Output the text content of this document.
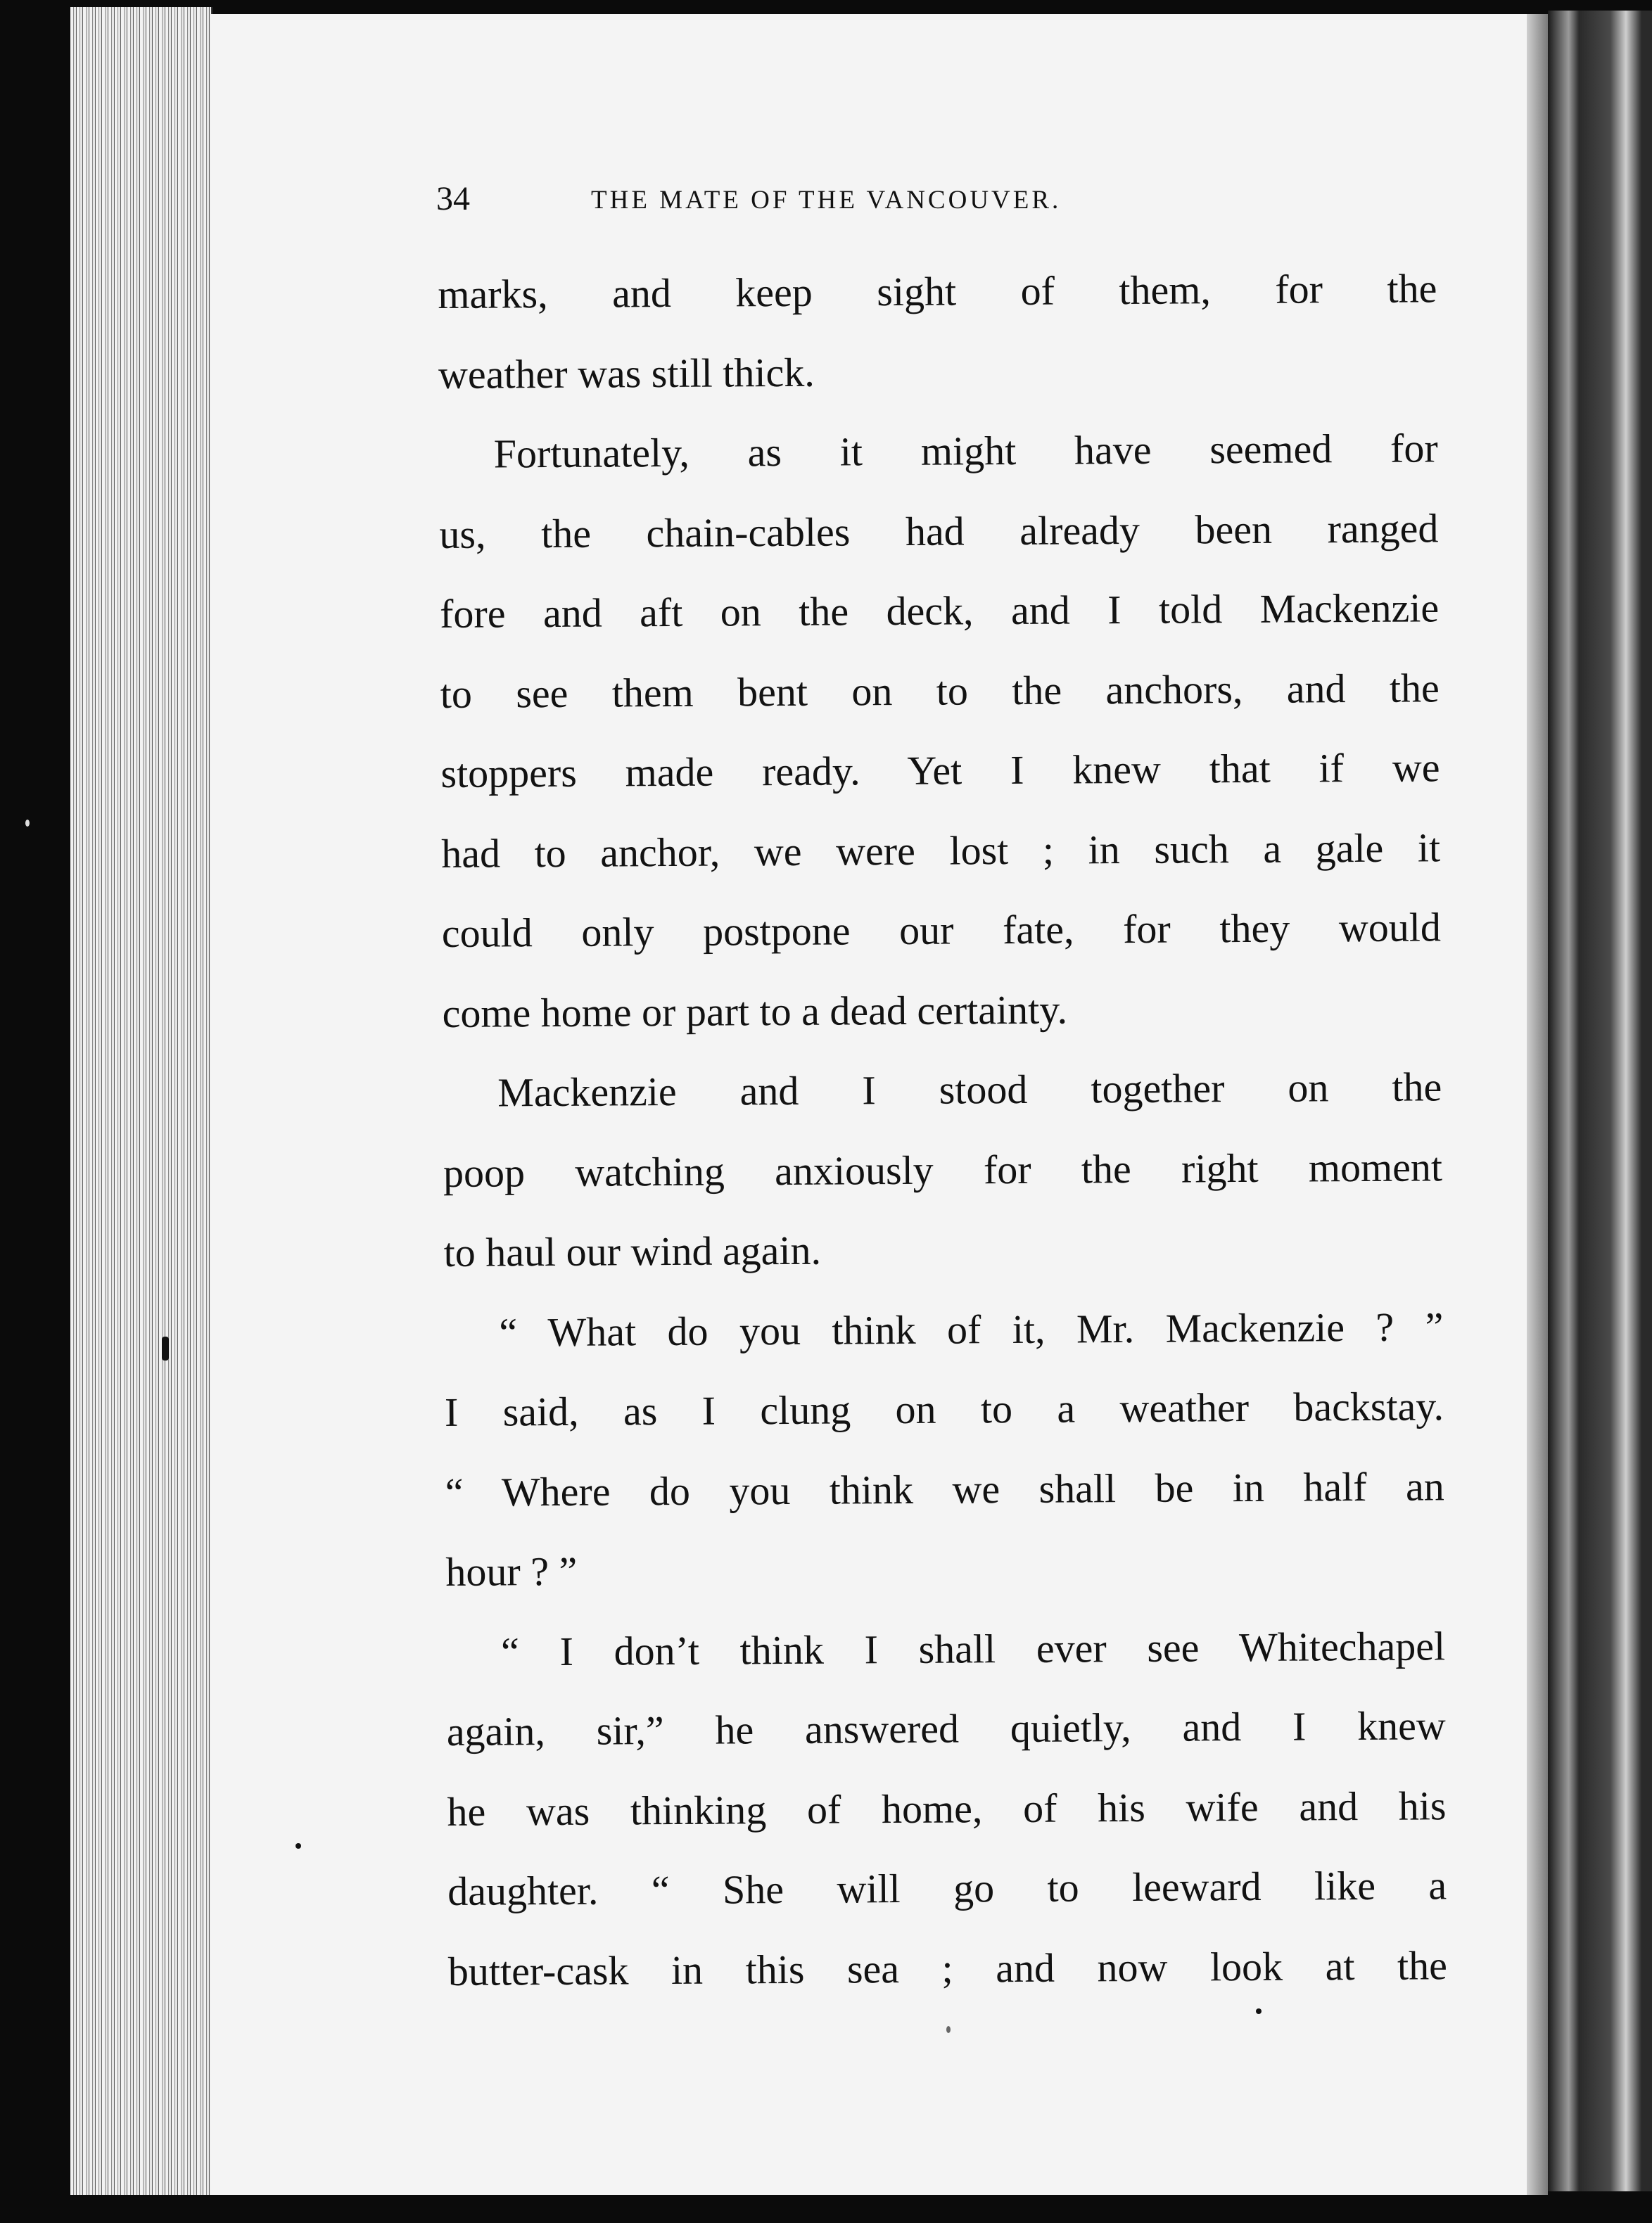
34	THE MATE OF THE VANCOUVER.
marks, and keep sight of them, for the
weather was still thick.
Fortunately, as it might have seemed for
us, the chain-cables had already been ranged
fore and aft on the deck, and I told Mackenzie
to see them bent on to the anchors, and the
stoppers made ready. Yet I knew that if we
had to anchor, we were lost ; in such a gale it
could only postpone our fate, for they would
come home or part to a dead certainty.
Mackenzie and I stood together on the
poop watching anxiously for the right moment
to haul our wind again.
“ What do you think of it, Mr. Mackenzie ? ”
I said, as I clung on to a weather backstay.
“ Where do you think we shall be in half an
hour ? ”
“ I don’t think I shall ever see Whitechapel
again, sir,” he answered quietly, and I knew
he was thinking of home, of his wife and his
daughter. “ She will go to leeward like a
butter-cask in this sea ; and now look at the
